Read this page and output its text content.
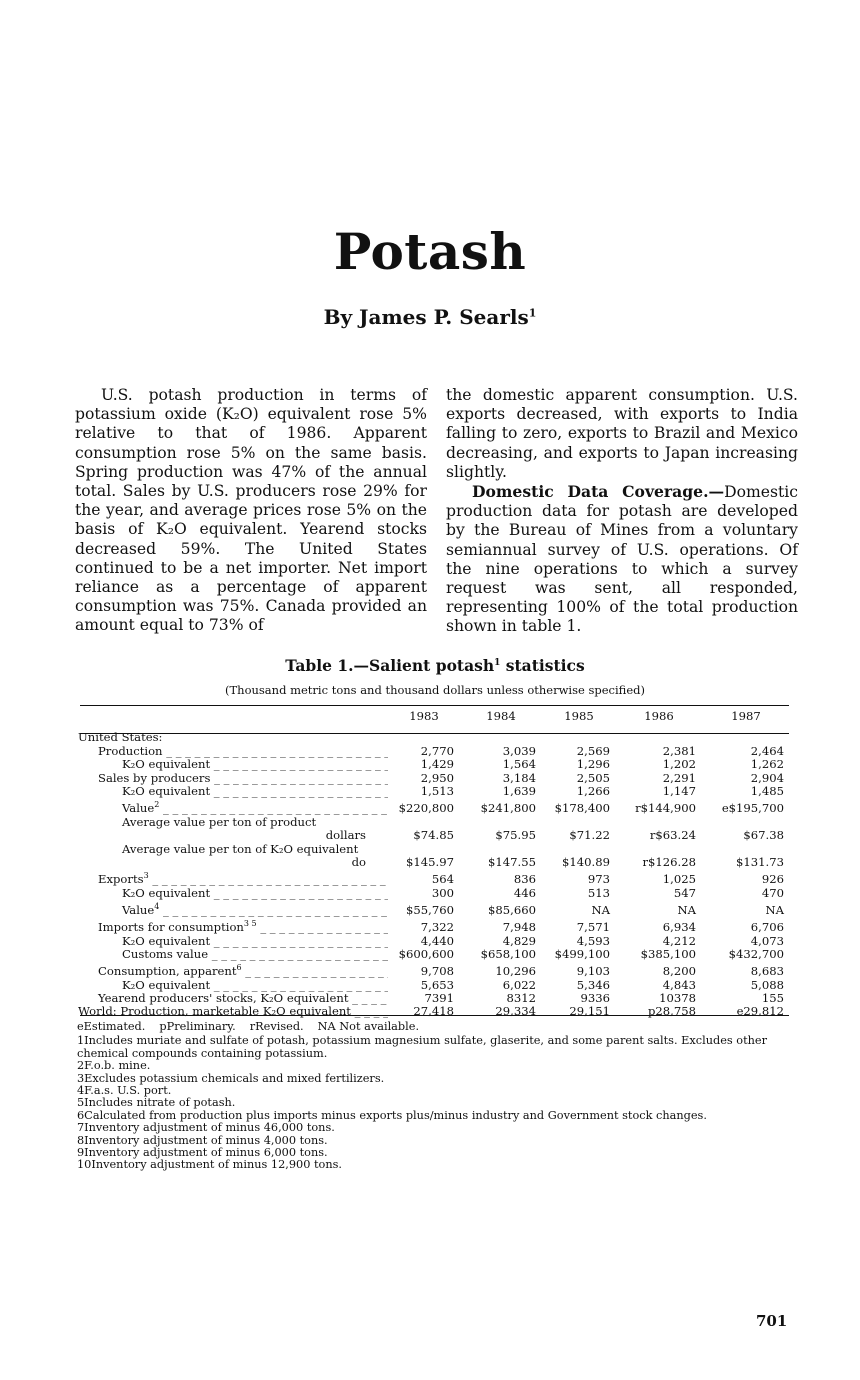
Potash
By James P. Searls$^1$

U.S. potash production in terms of potassium oxide (K₂O) equivalent rose 5% relative to that of 1986. Apparent consumption rose 5% on the same basis. Spring production was 47% of the annual total. Sales by U.S. producers rose 29% for the year, and average prices rose 5% on the basis of K₂O equivalent. Yearend stocks decreased 59%. The United States continued to be a net importer. Net import reliance as a percentage of apparent consumption was 75%. Canada provided an amount equal to 73% of

the domestic apparent consumption. U.S. exports decreased, with exports to India falling to zero, exports to Brazil and Mexico decreasing, and exports to Japan increasing slightly.

Domestic Data Coverage.—Domestic production data for potash are developed by the Bureau of Mines from a voluntary semiannual survey of U.S. operations. Of the nine operations to which a survey request was sent, all responded, representing 100% of the total production shown in table 1.

Table 1.—Salient potash$^1$ statistics
(Thousand metric tons and thousand dollars unless otherwise specified)
	1983	1984	1985	1986	1987
United States:					
Production _ _ _	2,770	3,039	2,569	2,381	2,464
K₂O equivalent _ _ _	1,429	1,564	1,296	1,202	1,262
Sales by producers _ _ _	2,950	3,184	2,505	2,291	2,904
K₂O equivalent _ _ _	1,513	1,639	1,266	1,147	1,485
Value$^2$ _ _ _	$220,800	$241,800	$178,400	r$144,900	e$195,700
Average value per ton of product
dollars	$74.85	$75.95	$71.22	r$63.24	$67.38
Average value per ton of K₂O equivalent
do	$145.97	$147.55	$140.89	r$126.28	$131.73
Exports$^3$ _ _ _	564	836	973	1,025	926
K₂O equivalent _ _ _	300	446	513	547	470
Value$^4$ _ _ _	$55,760	$85,660	NA	NA	NA
Imports for consumption$^{3 5}$ _ _ _	7,322	7,948	7,571	6,934	6,706
K₂O equivalent _ _ _	4,440	4,829	4,593	4,212	4,073
Customs value _ _ _	$600,600	$658,100	$499,100	$385,100	$432,700
Consumption, apparent$^6$ _ _ _	9,708	10,296	9,103	8,200	8,683
K₂O equivalent _ _ _	5,653	6,022	5,346	4,843	5,088
Yearend producers' stocks, K₂O equivalent _ _ _	7391	8312	9336	10378	155
World: Production, marketable K₂O equivalent _ _ _	27,418	29,334	29,151	p28,758	e29,812
eEstimated. pPreliminary. rRevised. NA Not available.
1Includes muriate and sulfate of potash, potassium magnesium sulfate, glaserite, and some parent salts. Excludes other chemical compounds containing potassium.
2F.o.b. mine.
3Excludes potassium chemicals and mixed fertilizers.
4F.a.s. U.S. port.
5Includes nitrate of potash.
6Calculated from production plus imports minus exports plus/minus industry and Government stock changes.
7Inventory adjustment of minus 46,000 tons.
8Inventory adjustment of minus 4,000 tons.
9Inventory adjustment of minus 6,000 tons.
10Inventory adjustment of minus 12,900 tons.
701
